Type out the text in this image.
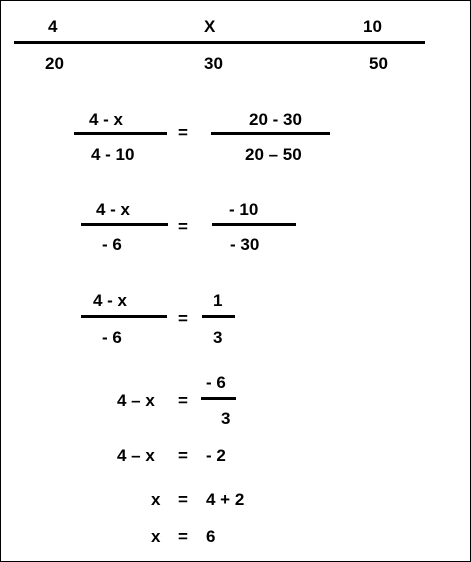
4	X	10
20	30	50
4 - x
4 - 10
=
20 - 30
20 – 50
4 - x
- 6
=
- 10
- 30
4 - x
- 6
=
1
3
4 – x =
- 6
3
4 – x = - 2
x = 4 + 2
x = 6
